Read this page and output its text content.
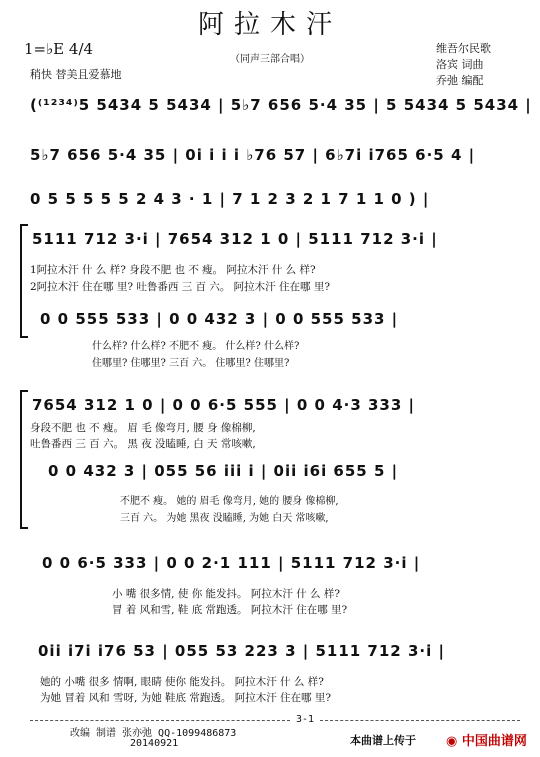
阿拉木汗
（同声三部合唱）
1=♭E 4/4
稍快 替美且爱慕地
维吾尔民歌
洛宾 词曲
乔弛 编配
(⁽¹²³⁴⁾5 5434 5 5434 | 5♭7 656 5·4 35 | 5 5434 5 5434 |
5♭7 656 5·4 35 | 0i i i i ♭76 57 | 6♭7i i765 6·5 4 |
0 5 5 5 5 5 2 4 3 · 1 | 7 1 2 3 2 1 7 1 1 0 ) |
5111 712 3·i | 7654 312 1 0 | 5111 712 3·i |
1阿拉木汗 什 么 样? 身段不肥 也 不 瘦。 阿拉木汗 什 么 样?
2阿拉木汗 住在哪 里? 吐鲁番西 三 百 六。 阿拉木汗 住在哪 里?
0 0 555 533 | 0 0 432 3 | 0 0 555 533 |
什么样? 什么样? 不肥不 瘦。 什么样? 什么样?
住哪里? 住哪里? 三百 六。 住哪里? 住哪里?
7654 312 1 0 | 0 0 6·5 555 | 0 0 4·3 333 |
身段不肥 也 不 瘦。 眉 毛 像弯月, 腰 身 像棉柳,
吐鲁番西 三 百 六。 黑 夜 没瞌睡, 白 天 常咳嗽,
0 0 432 3 | 055 56 iii i | 0ii i6i 655 5 |
不肥不 瘦。 她的 眉毛 像弯月, 她的 腰身 像棉柳,
三百 六。 为她 黑夜 没瞌睡, 为她 白天 常咳嗽,
0 0 6·5 333 | 0 0 2·1 111 | 5111 712 3·i |
小 嘴 很多情, 使 你 能发抖。 阿拉木汗 什 么 样?
冒 着 风和雪, 鞋 底 常跑透。 阿拉木汗 住在哪 里?
0ii i7i i76 53 | 055 53 223 3 | 5111 712 3·i |
她的 小嘴 很多 情啊, 眼睛 使你 能发抖。 阿拉木汗 什 么 样?
为她 冒着 风和 雪呀, 为她 鞋底 常跑透。 阿拉木汗 住在哪 里?
3-1
改编 制谱 张亦弛 QQ-1099486873
20140921	本曲谱上传于 ◉ 中国曲谱网
